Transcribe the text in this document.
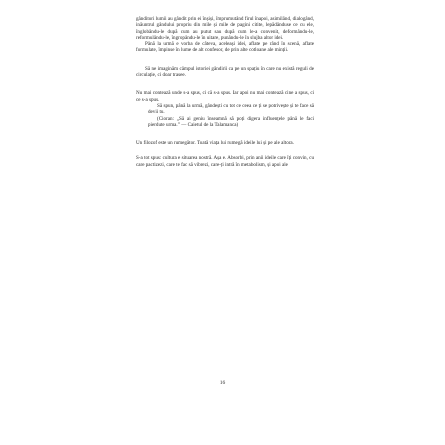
gânditori lumii au gândit prin ei înșiși, împrumutând firul înapoi, asimilând, dialogând, inăuntrul gândului propriu din mile și mile de pagini citite, lepădânduse ce cu ele, înglobându-le după cum au putut sau după cum le-a convenit, deformându-le, reformulându-le, îngropându-le în uitare, punându-le în slujba altor idei.

Până la urmă e vorba de câteva, aceleași idei, aflate pe rând în scenă, aflate formulate, împinse în lume de alt confesor, de prin alte cotloane ale minții.

Să ne imaginăm câmpul istoriei gândirii ca pe un spațiu în care nu există reguli de circulație, ci doar trasee.

Nu mai contează unde s-a spus, ci că s-a spus. Iar apoi nu mai contează cine a spus, ci ce s-a spus.

Să spun, până la urmă, gândești cu tot ce ceea ce ți se potrivește și te face să devii tu.

(Cioran: „Să ai geniu înseamnă să poți digera influențele până le faci pierdute urma.” — Caietul de la Talamanca)

Un filozof este un rumegător. Toată viața lui rumegă ideile lui și pe ale altora.

S-a tot spus: cultura e situarea nostră. Așa e. Absorbi, prin anii ideile care îți convin, cu care pactizezi, care te fac să vibrezi, care-ți intră în metabolism, și apoi ale

16
